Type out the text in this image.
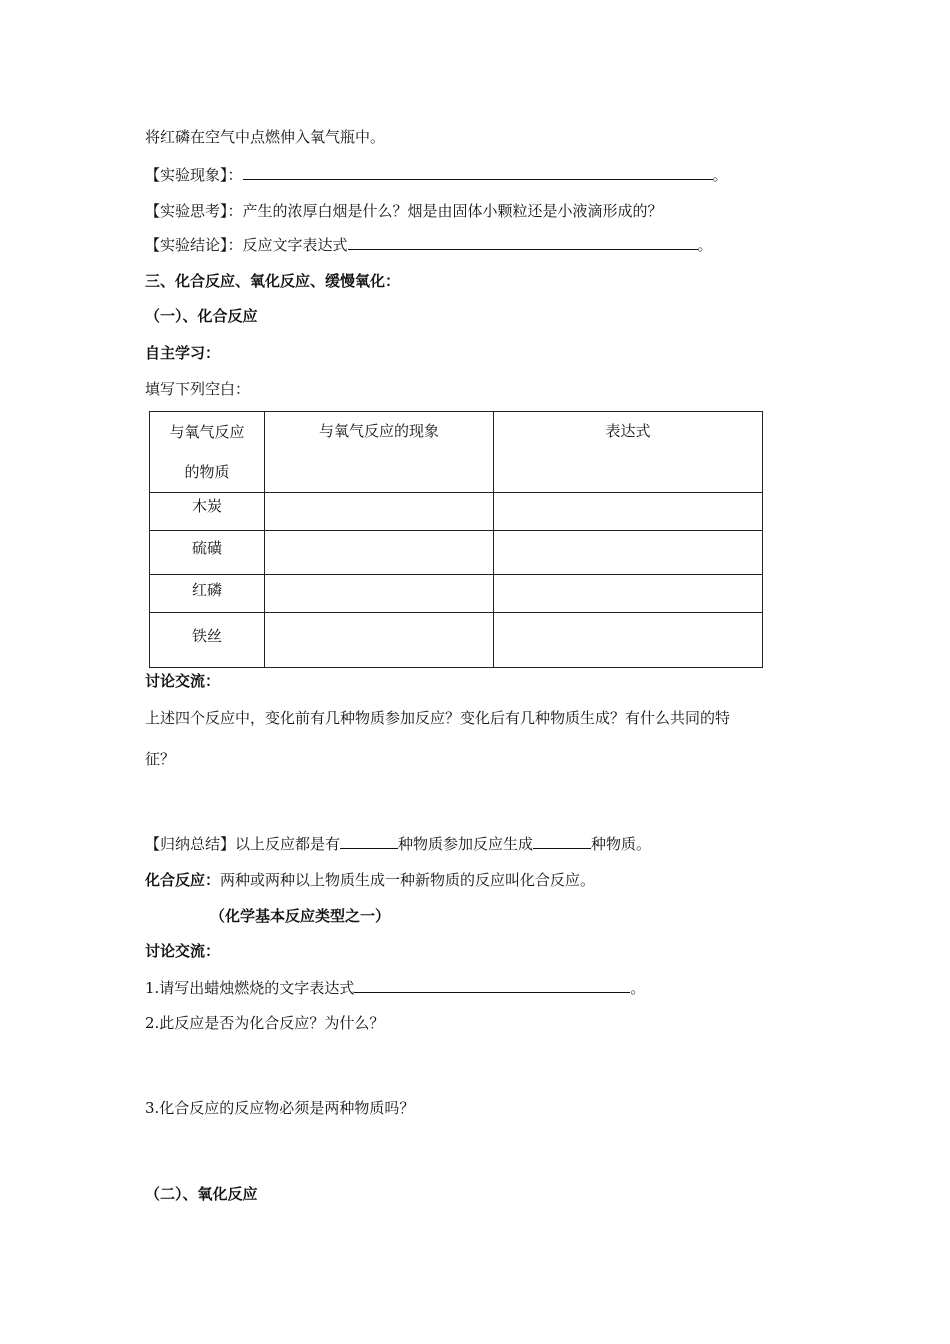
将红磷在空气中点燃伸入氧气瓶中。
【实验现象】：	。
【实验思考】：产生的浓厚白烟是什么？烟是由固体小颗粒还是小液滴形成的？
【实验结论】：反应文字表达式	。
三、化合反应、氧化反应、缓慢氧化：
（一）、化合反应
自主学习：
填写下列空白：
与氧气反应
的物质	与氧气反应的现象	表达式
木炭		
硫磺		
红磷		
铁丝		
讨论交流：
上述四个反应中，变化前有几种物质参加反应？变化后有几种物质生成？有什么共同的特
征？
【归纳总结】以上反应都是有	种物质参加反应生成	种物质。
化合反应：两种或两种以上物质生成一种新物质的反应叫化合反应。
（化学基本反应类型之一）
讨论交流：
1.请写出蜡烛燃烧的文字表达式	。
2.此反应是否为化合反应？为什么？
3.化合反应的反应物必须是两种物质吗？
（二）、氧化反应
